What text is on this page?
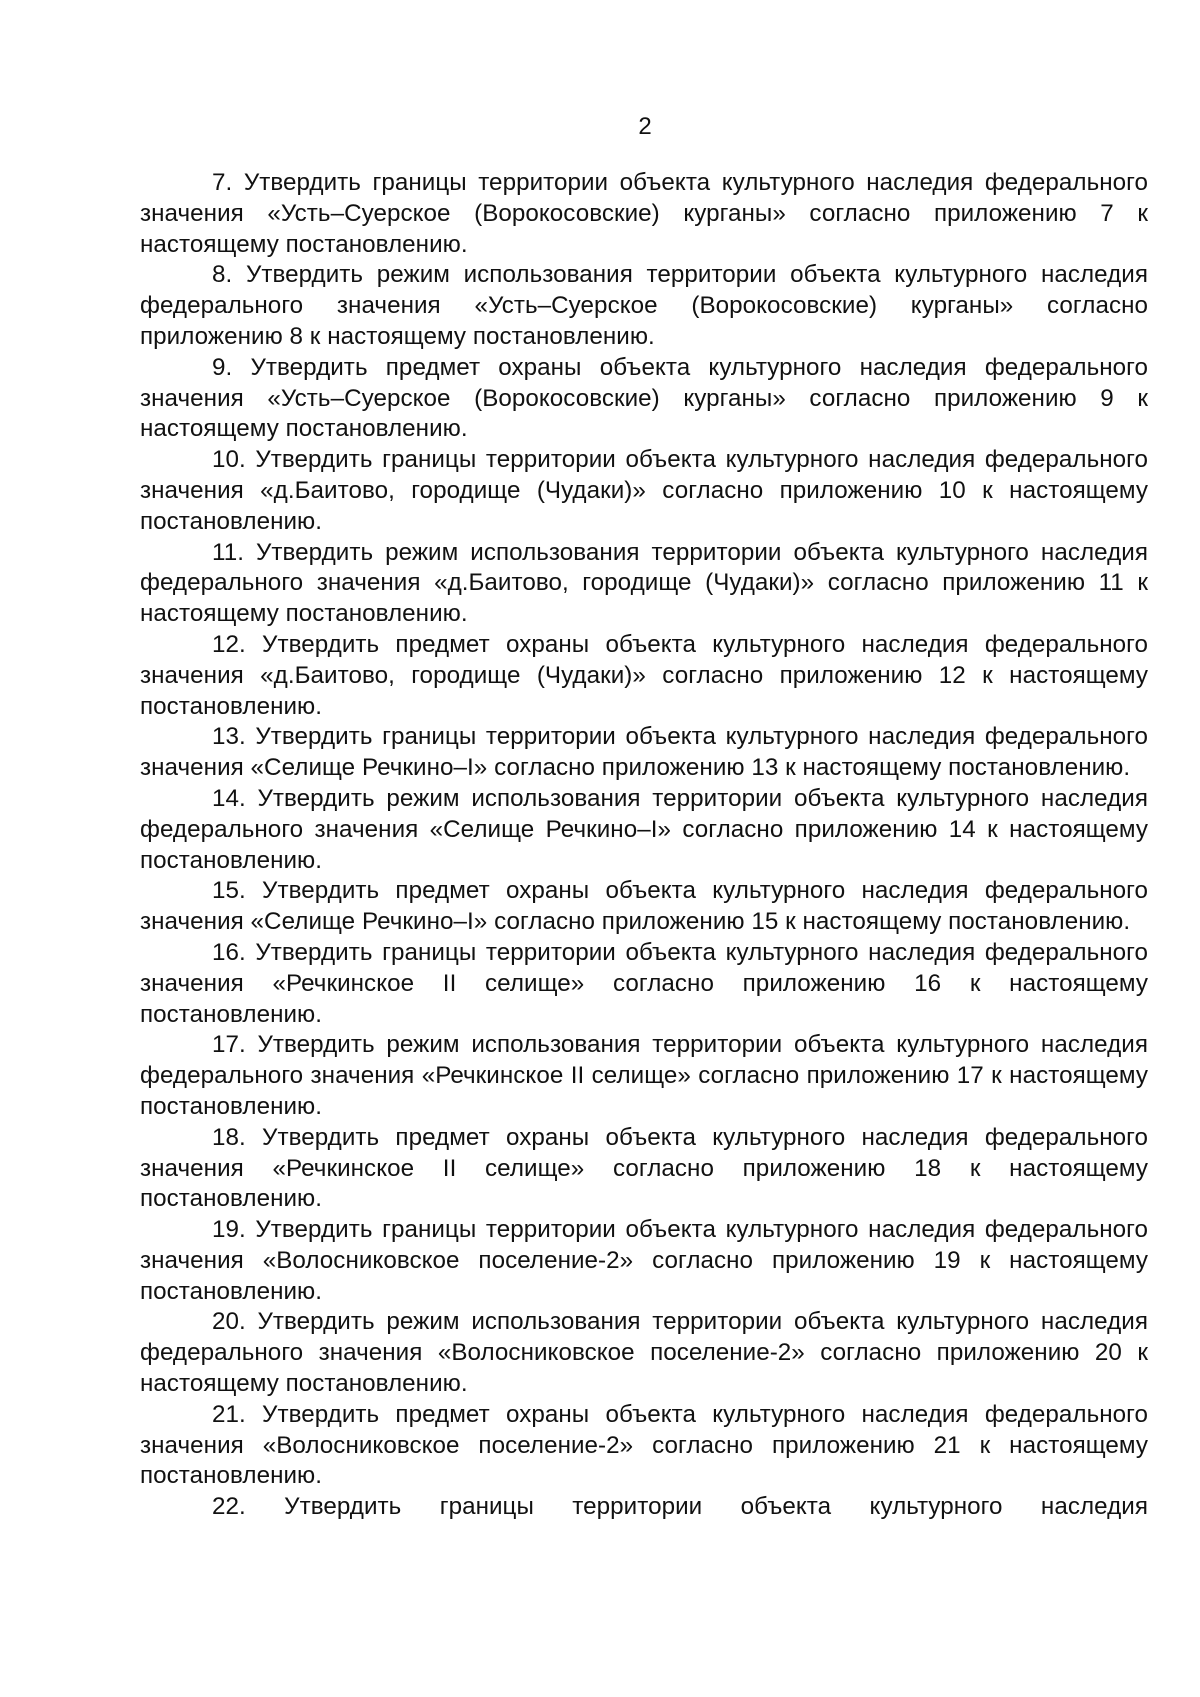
2

7. Утвердить границы территории объекта культурного наследия федерального значения «Усть–Суерское (Ворокосовские) курганы» согласно приложению 7 к настоящему постановлению.

8. Утвердить режим использования территории объекта культурного наследия федерального значения «Усть–Суерское (Ворокосовские) курганы» согласно приложению 8 к настоящему постановлению.

9. Утвердить предмет охраны объекта культурного наследия федерального значения «Усть–Суерское (Ворокосовские) курганы» согласно приложению 9 к настоящему постановлению.

10. Утвердить границы территории объекта культурного наследия федерального значения «д.Баитово, городище (Чудаки)» согласно приложению 10 к настоящему постановлению.

11. Утвердить режим использования территории объекта культурного наследия федерального значения «д.Баитово, городище (Чудаки)» согласно приложению 11 к настоящему постановлению.

12. Утвердить предмет охраны объекта культурного наследия федерального значения «д.Баитово, городище (Чудаки)» согласно приложению 12 к настоящему постановлению.

13. Утвердить границы территории объекта культурного наследия федерального значения «Селище Речкино–I» согласно приложению 13 к настоящему постановлению.

14. Утвердить режим использования территории объекта культурного наследия федерального значения «Селище Речкино–I» согласно приложению 14 к настоящему постановлению.

15. Утвердить предмет охраны объекта культурного наследия федерального значения «Селище Речкино–I» согласно приложению 15 к настоящему постановлению.

16. Утвердить границы территории объекта культурного наследия федерального значения «Речкинское II селище» согласно приложению 16 к настоящему постановлению.

17. Утвердить режим использования территории объекта культурного наследия федерального значения «Речкинское II селище» согласно приложению 17 к настоящему постановлению.

18. Утвердить предмет охраны объекта культурного наследия федерального значения «Речкинское II селище» согласно приложению 18 к настоящему постановлению.

19. Утвердить границы территории объекта культурного наследия федерального значения «Волосниковское поселение-2» согласно приложению 19 к настоящему постановлению.

20. Утвердить режим использования территории объекта культурного наследия федерального значения «Волосниковское поселение-2» согласно приложению 20 к настоящему постановлению.

21. Утвердить предмет охраны объекта культурного наследия федерального значения «Волосниковское поселение-2» согласно приложению 21 к настоящему постановлению.

22. Утвердить границы территории объекта культурного наследия
